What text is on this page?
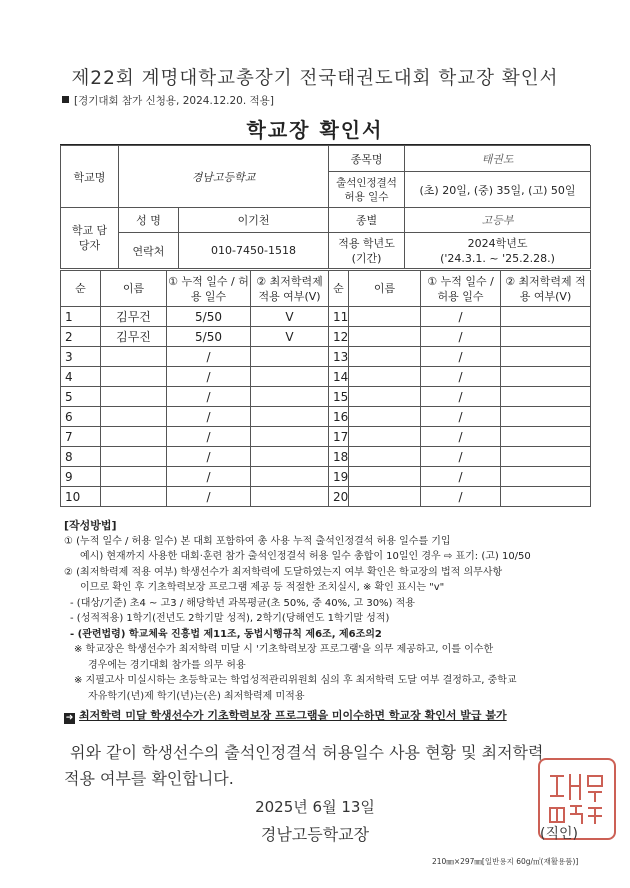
제22회 계명대학교총장기 전국태권도대회 학교장 확인서
[경기대회 참가 신청용, 2024.12.20. 적용]
학교장 확인서
학교명	경남고등학교		종목명	태권도
			출석인정결석 허용 일수	(초) 20일, (중) 35일, (고) 50일
학교 담당자	성 명	이기천	종별	고등부
	연락처	010-7450-1518	적용 학년도 (기간)	2024학년도
('24.3.1. ~ '25.2.28.)
순	이름	① 누적 일수 / 허용 일수	② 최저학력제 적용 여부(V)	순	이름	① 누적 일수 / 허용 일수	② 최저학력제 적용 여부(V)
1	김무건	5/50	V	11		/	
2	김무진	5/50	V	12		/	
3		/		13		/	
4		/		14		/	
5		/		15		/	
6		/		16		/	
7		/		17		/	
8		/		18		/	
9		/		19		/	
10		/		20		/	
[작성방법]
① (누적 일수 / 허용 일수) 본 대회 포함하여 총 사용 누적 출석인정결석 허용 일수를 기입
예시) 현재까지 사용한 대회·훈련 참가 출석인정결석 허용 일수 총합이 10일인 경우 ⇨ 표기: (고) 10/50
② (최저학력제 적용 여부) 학생선수가 최저학력에 도달하였는지 여부 확인은 학교장의 법적 의무사항
이므로 확인 후 기초학력보장 프로그램 제공 등 적절한 조치실시, ※ 확인 표시는 "v"
- (대상/기준) 초4 ~ 고3 / 해당학년 과목평균(초 50%, 중 40%, 고 30%) 적용
- (성적적용) 1학기(전년도 2학기말 성적), 2학기(당해연도 1학기말 성적)
- (관련법령) 학교체육 진흥법 제11조, 동법시행규칙 제6조, 제6조의2
※ 학교장은 학생선수가 최저학력 미달 시 '기초학력보장 프로그램'을 의무 제공하고, 이를 이수한
경우에는 경기대회 참가를 의무 허용
※ 지필고사 미실시하는 초등학교는 학업성적관리위원회 심의 후 최저학력 도달 여부 결정하고, 중학교
자유학기(년)제 학기(년)는(은) 최저학력제 미적용
➜ 최저학력 미달 학생선수가 기초학력보장 프로그램을 미이수하면 학교장 확인서 발급 불가
위와 같이 학생선수의 출석인정결석 허용일수 사용 현황 및 최저학력
적용 여부를 확인합니다.
2025년 6월 13일
경남고등학교장	(직인)
210㎜×297㎜[일반용지 60g/㎡(재활용품)]
